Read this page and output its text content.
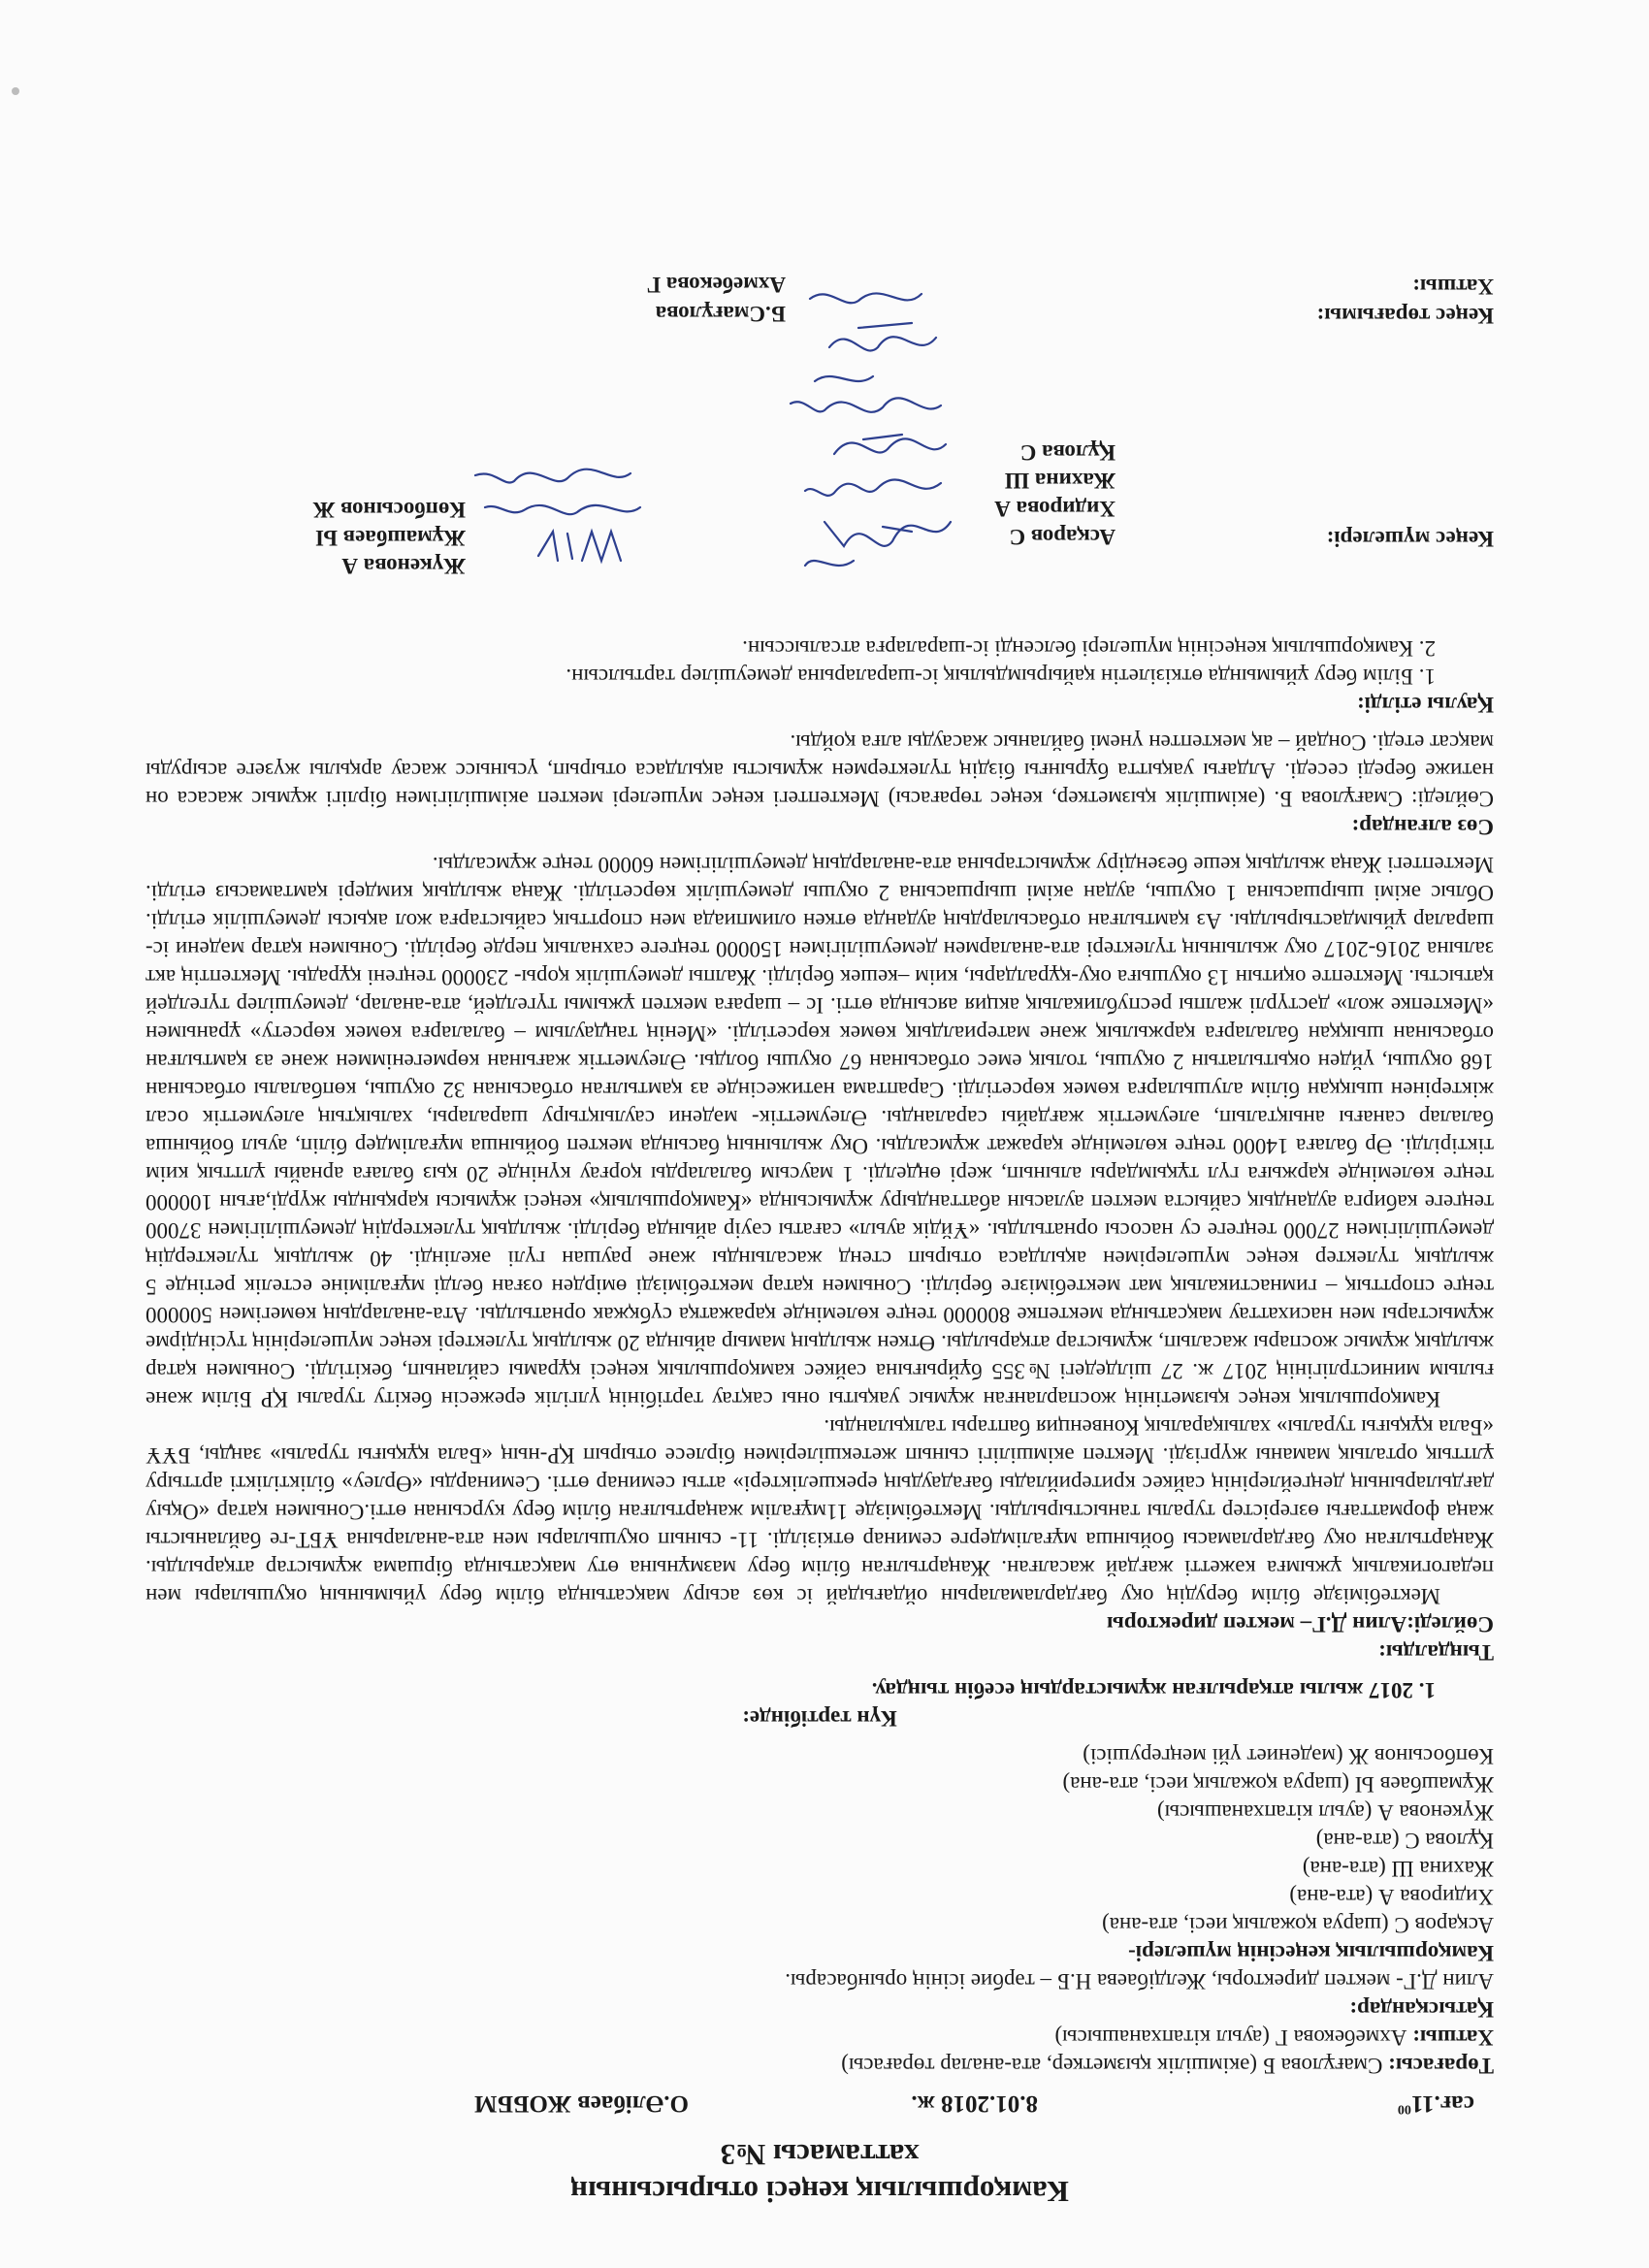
Камқоршылық кеңесі отырысының
хаттамасы №3
$сағ.11^{00}$
8.01.2018 ж.
О.Әлібаев ЖОББМ
Төрағасы: Смағұлова Б (әкімшілік қызметкер, ата-аналар төрағасы)
Хатшы: Ахмебекова Г (ауыл кітапханашысы)
Қатысқандар:
Алин Д.Г- мектеп директоры, Желдібаева Н.Б – тәрбие ісінің орынбасары.
Камқоршылық кеңесінің мүшелері-
Асқаров С (шаруа қожалық иесі, ата-ана)
Хидирова А (ата-ана)
Жахина Ш (ата-ана)
Құлова С (ата-ана)
Жүкенова А (ауыл кітапханашысы)
Жұмашбаев Ы (шаруа қожалық иесі, ата-ана)
Көпбосынов Ж (мәдениет үйі меңгерушісі)
Күн тәртібінде:
1. 2017 жылы атқарылған жұмыстардың есебін тыңдау.
Тыңдалды:
Сөйледі:Алин Д.Г– мектеп директоры

Мектебімізде білім берудің оқу бағдарламаларын ойдағыдай іс көз асыру мақсатында білім беру үйымының оқушылары мен педагогикалық ұжымға кәжетті жағдай жасалған. Жаңартылған білім беру мазмұнына өту мақсатында біршама жұмыстар атқарылды. Жаңартылған оқу бағдарламасы бойынша мұғалімдерге семинар өткізілді. 11- сынып оқушылары мен ата-аналарына ҰБТ-ге байланысты жаңа форматтағы өзгерістер туралы таныстырылды. Мектебімізде 11мұғалім жаңартылған білім беру курсынан өтті.Сонымен қатар «Оқыу дағдыларының деңгейлерінің сайкес критерийлады бағадаудың ерекшеліктері» атты семинар өтті. Семинарды «Өрлеу» біліктілікті арттыру ұлттық орталық маманы жүргізді. Мектеп әкімшілігі сынып жетекшілерімен бірлесе отырып ҚР-ның «Бала құқығы туралы» заңды, БҰҰ «Бала құқығы туралы» халықаралық Конвенция баптары талқыланды.

Камқоршылық кеңес қызметінің жоспарланған жұмыс уақыты оны сақтау тәртібінің үлгілік ережесін бекіту туралы ҚР Білім және ғылым министрлігінің 2017 ж. 27 шілдедегі №355 бұйрығына сәйкес камқоршылық кеңесі құрамы сайланып, бекітілді. Сонымен қатар жылдық жұмыс жоспары жасалып, жұмыстар атқарылды. Өткен жылдың мамыр айында 20 жылдық түлектері кеңес мүшелерінің түсіндірме жұмыстары мен насихаттау мақсатында мектепке 800000 теңге көлемінде қаражатқа сүбқжак орнатылды. Ата-аналардың көмегімен 500000 теңге спорттық – гимнастикалық мат мектебімізге берілді. Сонымен қатар мектебімізді өмірден озған белді мұғаліміне естелік ретінде 5 жылдық түлектер кеңес мүшелерімен ақылдаса отырып стенд жасалынды және раушан гүлі әкелінді. 40 жылдық түлектердің демеушілігімен 27000 теңгеге су насосы орнатылды. «Ұйдік ауыл» сағаты сәуір айында берілді. жылдық түлектердің демеушілігімен 37000 теңгеге кабирга аудандық сайыста мектеп ауласын абаттандыру жұмысында «Камқоршылық» кеңесі жұмысы қарқынды жүрді,ағын 100000 теңге көлемінде қаржыға гүл тұқымдары алынып, жері өңделді. 1 маусым балаларды қорғау күнінде 20 қыз балаға арнайы ұлттық киім тіктірілді. Әр балаға 14000 теңге көлемінде қаражат жұмсалды. Оқу жылының басында мектеп бойынша мұғалімдер біліп, ауыл бойынша балалар санағы анықталып, әлеуметтік жағдайы сараланды. Әлеуметтік- мәдени саулықтыру шаралары, халықтың әлеуметтік осал жіктерінен шыққан білім алушыларға көмек көрсетілді. Сараптама нәтижесінде аз қамтылған отбасынан 32 оқушы, көпбалалы отбасынан 168 оқушы, үйден оқытылатын 2 оқушы, толық емес отбасынан 67 оқушы болды. Әлеуметтік жағынан көрмегеніммен және аз қамтылған отбасынан шыққан балаларға қаржылық және материалдық көмек көрсетілді. «Менің таңдаулым – балаларға көмек көрсету» ұранымен «Мектепке жол» дәстүрлі жалпы республикалық акция аясында өтті. Іс – шараға мектеп ұжымы түгелдей, ата-аналар, демеушілер түгелдей қатысты. Мектепте оқитын 13 оқушыға оқу-құралдары, киім –кешек берілді. Жалпы демеушілік қоры- 230000 теңгені құрады. Мектептің акт залына 2016-2017 оқу жылының түлектері ата-аналармен демеушілігімен 150000 теңгеге сахналық перде берілді. Сонымен қатар мәдени іс-шаралар ұйымдастырылды. Аз қамтылған отбасылардың ауданда өткен олимпиада мен спорттық сайыстарға жол ақысы демеушілік етілді. Облыс әкімі шыршасына 1 оқушы, аудан әкімі шыршасына 2 оқушы демеушілік көрсетілді. Жаңа жылдық кимдері қамтамасыз етілді. Мектептегі Жаңа жылдық кеше безендіру жұмыстарына ата-аналардың демеушілігімен 60000 теңге жұмсалды.

Сөз алғандар:

Сөйледі: Смағұлова Б. (әкімшілік қызметкер, кеңес төрағасы) Мектептегі кеңес мүшелері мектеп әкімшілігімен бірлігі жұмыс жасаса он нәтиже береді сеседі. Алдағы уақытта бұрынғы біздің түлектермен жұмысты ақылдаса отырып, үсынысс жасау арқылы жүзеге асыруды мақсат етеді. Сондай – ақ мектептен үнемі байланыс жасауды алға қойды.

Қаулы етілді:
1. Білім беру ұйымында өткізілетін қайырымдылық іс-шараларына демеушілер тартылсын.
2. Камқоршылық кеңесінің мүшелері белсенді іс-шараларға атсалыссын.
Кеңес мүшелері:
Асқаров С
Хидирова А
Жахина Ш
Құлова С
Жүкенова А
Жұмашбаев Ы
Көпбосынов Ж
Кеңес төрағымы:
Б.Смағұлова
Хатшы:
Ахмебекова Г
